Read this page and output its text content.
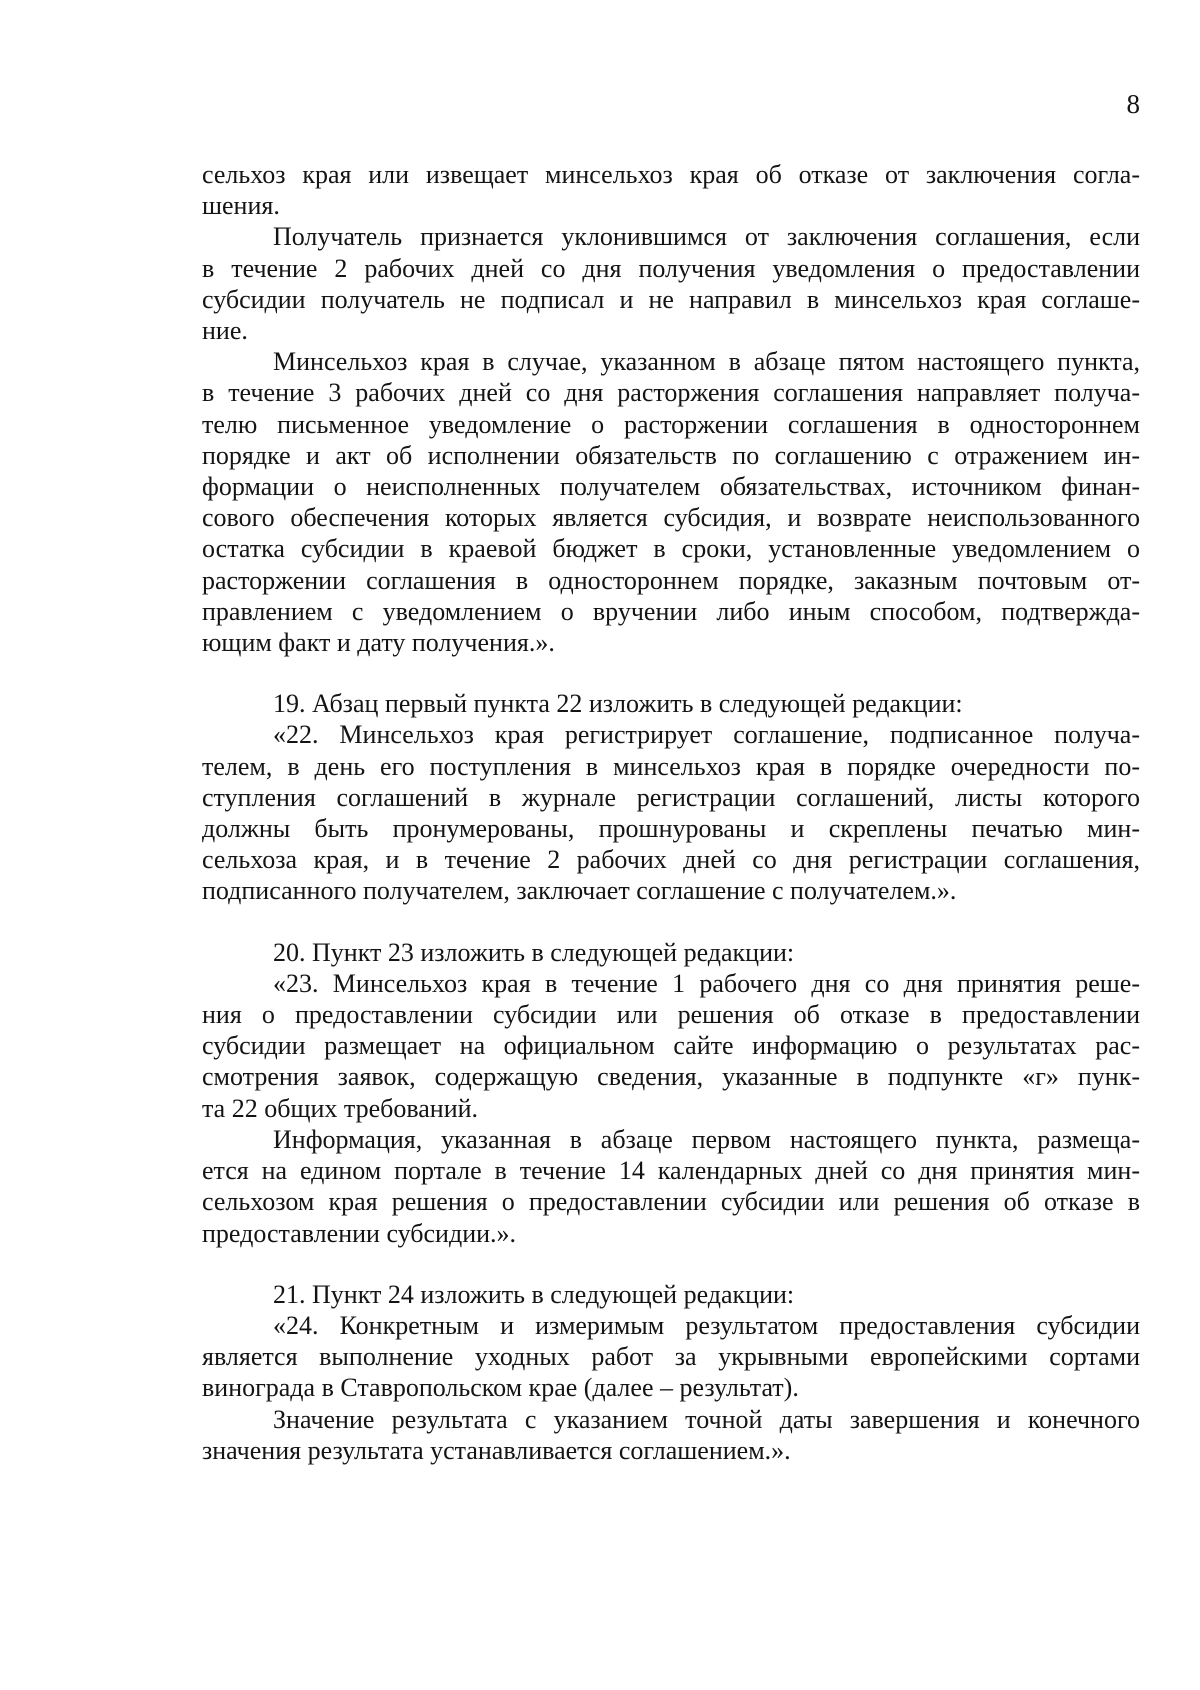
8

сельхоз края или извещает минсельхоз края об отказе от заключения согла-
шения.

Получатель признается уклонившимся от заключения соглашения, если
в течение 2 рабочих дней со дня получения уведомления о предоставлении
субсидии получатель не подписал и не направил в минсельхоз края соглаше-
ние.

Минсельхоз края в случае, указанном в абзаце пятом настоящего пункта,
в течение 3 рабочих дней со дня расторжения соглашения направляет получа-
телю письменное уведомление о расторжении соглашения в одностороннем
порядке и акт об исполнении обязательств по соглашению с отражением ин-
формации о неисполненных получателем обязательствах, источником финан-
сового обеспечения которых является субсидия, и возврате неиспользованного
остатка субсидии в краевой бюджет в сроки, установленные уведомлением о
расторжении соглашения в одностороннем порядке, заказным почтовым от-
правлением с уведомлением о вручении либо иным способом, подтвержда-
ющим факт и дату получения.».

19. Абзац первый пункта 22 изложить в следующей редакции:

«22. Минсельхоз края регистрирует соглашение, подписанное получа-
телем, в день его поступления в минсельхоз края в порядке очередности по-
ступления соглашений в журнале регистрации соглашений, листы которого
должны быть пронумерованы, прошнурованы и скреплены печатью мин-
сельхоза края, и в течение 2 рабочих дней со дня регистрации соглашения,
подписанного получателем, заключает соглашение с получателем.».

20. Пункт 23 изложить в следующей редакции:

«23. Минсельхоз края в течение 1 рабочего дня со дня принятия реше-
ния о предоставлении субсидии или решения об отказе в предоставлении
субсидии размещает на официальном сайте информацию о результатах рас-
смотрения заявок, содержащую сведения, указанные в подпункте «г» пунк-
та 22 общих требований.

Информация, указанная в абзаце первом настоящего пункта, размеща-
ется на едином портале в течение 14 календарных дней со дня принятия мин-
сельхозом края решения о предоставлении субсидии или решения об отказе в
предоставлении субсидии.».

21. Пункт 24 изложить в следующей редакции:

«24. Конкретным и измеримым результатом предоставления субсидии
является выполнение уходных работ за укрывными европейскими сортами
винограда в Ставропольском крае (далее – результат).

Значение результата с указанием точной даты завершения и конечного
значения результата устанавливается соглашением.».
